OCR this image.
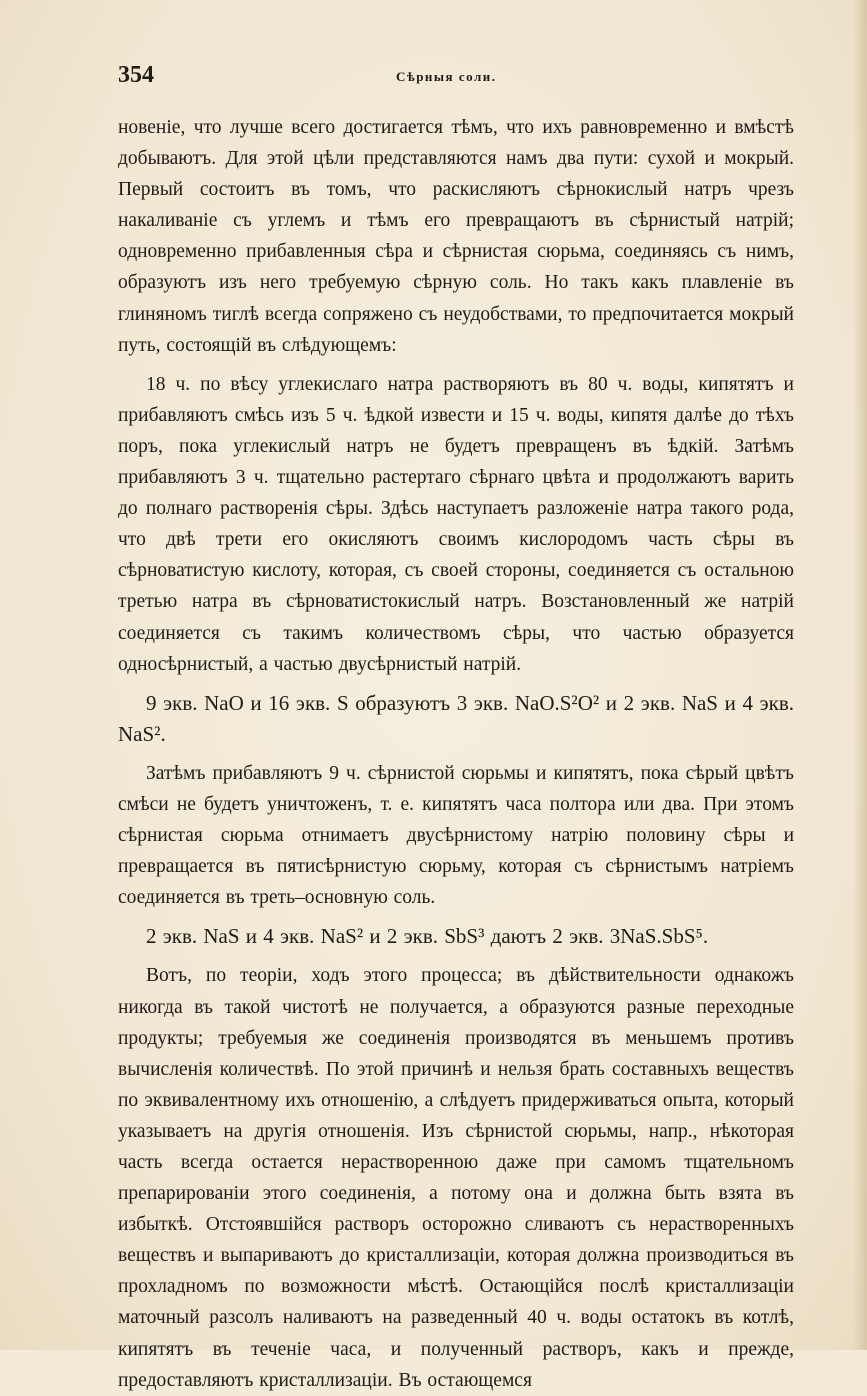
354	Сѣрныя соли.

новеніе, что лучше всего достигается тѣмъ, что ихъ равновременно и вмѣстѣ добываютъ. Для этой цѣли представляются намъ два пути: сухой и мокрый. Первый состоитъ въ томъ, что раскисляютъ сѣрнокислый натръ чрезъ накаливаніе съ углемъ и тѣмъ его превращаютъ въ сѣрнистый натрій; одновременно прибавленныя сѣра и сѣрнистая сюрьма, соединяясь съ нимъ, образуютъ изъ него требуемую сѣрную соль. Но такъ какъ плавленіе въ глиняномъ тиглѣ всегда сопряжено съ неудобствами, то предпочитается мокрый путь, состоящій въ слѣдующемъ:

18 ч. по вѣсу углекислаго натра растворяютъ въ 80 ч. воды, кипятятъ и прибавляютъ смѣсь изъ 5 ч. ѣдкой извести и 15 ч. воды, кипятя далѣе до тѣхъ поръ, пока углекислый натръ не будетъ превращенъ въ ѣдкій. Затѣмъ прибавляютъ 3 ч. тщательно растертаго сѣрнаго цвѣта и продолжаютъ варить до полнаго растворенія сѣры. Здѣсь наступаетъ разложеніе натра такого рода, что двѣ трети его окисляютъ своимъ кислородомъ часть сѣры въ сѣрноватистую кислоту, которая, съ своей стороны, соединяется съ остальною третью натра въ сѣрноватистокислый натръ. Возстановленный же натрій соединяется съ такимъ количествомъ сѣры, что частью образуется односѣрнистый, а частью двусѣрнистый натрій.

9 экв. NaO и 16 экв. S образуютъ 3 экв. NaO.S²O² и 2 экв. NaS и 4 экв. NaS².

Затѣмъ прибавляютъ 9 ч. сѣрнистой сюрьмы и кипятятъ, пока сѣрый цвѣтъ смѣси не будетъ уничтоженъ, т. е. кипятятъ часа полтора или два. При этомъ сѣрнистая сюрьма отнимаетъ двусѣрнистому натрію половину сѣры и превращается въ пятисѣрнистую сюрьму, которая съ сѣрнистымъ натріемъ соединяется въ треть–основную соль.

2 экв. NaS и 4 экв. NaS² и 2 экв. SbS³ даютъ 2 экв. 3NaS.SbS⁵.

Вотъ, по теоріи, ходъ этого процесса; въ дѣйствительности однакожъ никогда въ такой чистотѣ не получается, а образуются разные переходные продукты; требуемыя же соединенія производятся въ меньшемъ противъ вычисленія количествѣ. По этой причинѣ и нельзя брать составныхъ веществъ по эквивалентному ихъ отношенію, а слѣдуетъ придерживаться опыта, который указываетъ на другія отношенія. Изъ сѣрнистой сюрьмы, напр., нѣкоторая часть всегда остается нерастворенною даже при самомъ тщательномъ препарированіи этого соединенія, а потому она и должна быть взята въ избыткѣ. Отстоявшійся растворъ осторожно сливаютъ съ нерастворенныхъ веществъ и выпариваютъ до кристаллизаціи, которая должна производиться въ прохладномъ по возможности мѣстѣ. Остающійся послѣ кристаллизаціи маточный разсолъ наливаютъ на разведенный 40 ч. воды остатокъ въ котлѣ, кипятятъ въ теченіе часа, и полученный растворъ, какъ и прежде, предоставляютъ кристаллизаціи. Въ остающемся
